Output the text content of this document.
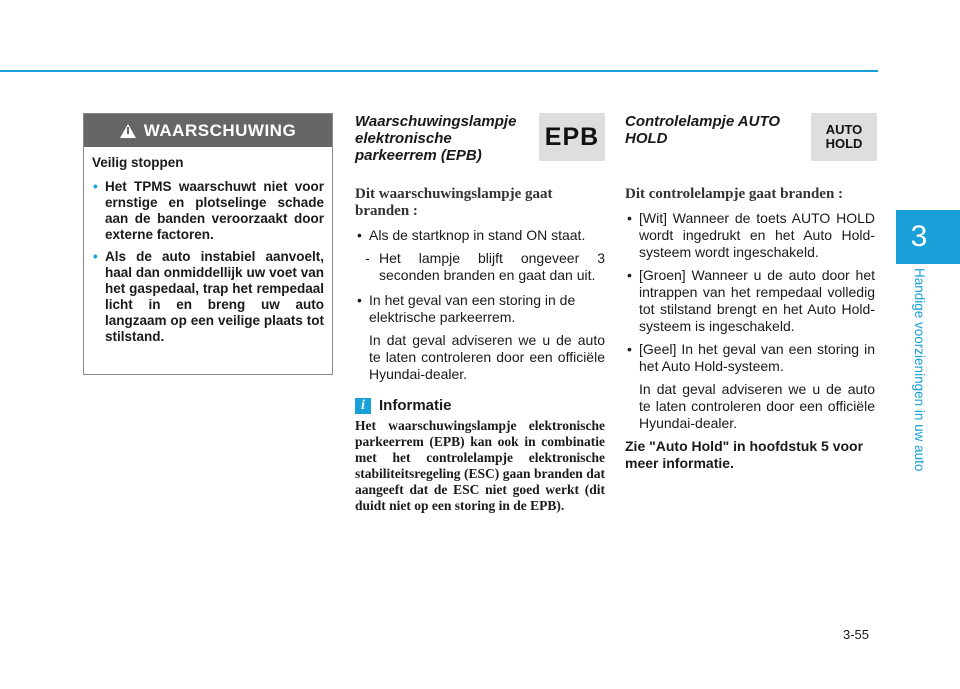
3
Handige voorzieningen in uw auto
WAARSCHUWING
Veilig stoppen
• Het TPMS waarschuwt niet voor ernstige en plotselinge schade aan de banden veroorzaakt door externe factoren.
• Als de auto instabiel aanvoelt, haal dan onmiddellijk uw voet van het gaspedaal, trap het rempedaal licht in en breng uw auto langzaam op een veilige plaats tot stilstand.
Waarschuwingslampje elektronische parkeerrem (EPB)
EPB
Dit waarschuwingslampje gaat branden :
• Als de startknop in stand ON staat.
- Het lampje blijft ongeveer 3 seconden branden en gaat dan uit.
• In het geval van een storing in de elektrische parkeerrem.
In dat geval adviseren we u de auto te laten controleren door een officiële Hyundai-dealer.
i Informatie
Het waarschuwingslampje elektronische parkeerrem (EPB) kan ook in combinatie met het controlelampje elektronische stabiliteitsregeling (ESC) gaan branden dat aangeeft dat de ESC niet goed werkt (dit duidt niet op een storing in de EPB).
Controlelampje AUTO HOLD
AUTO
HOLD
Dit controlelampje gaat branden :
• [Wit] Wanneer de toets AUTO HOLD wordt ingedrukt en het Auto Hold-systeem wordt ingeschakeld.
• [Groen] Wanneer u de auto door het intrappen van het rempedaal volledig tot stilstand brengt en het Auto Hold-systeem is ingeschakeld.
• [Geel] In het geval van een storing in het Auto Hold-systeem.
In dat geval adviseren we u de auto te laten controleren door een officiële Hyundai-dealer.
Zie "Auto Hold" in hoofdstuk 5 voor meer informatie.
3-55
